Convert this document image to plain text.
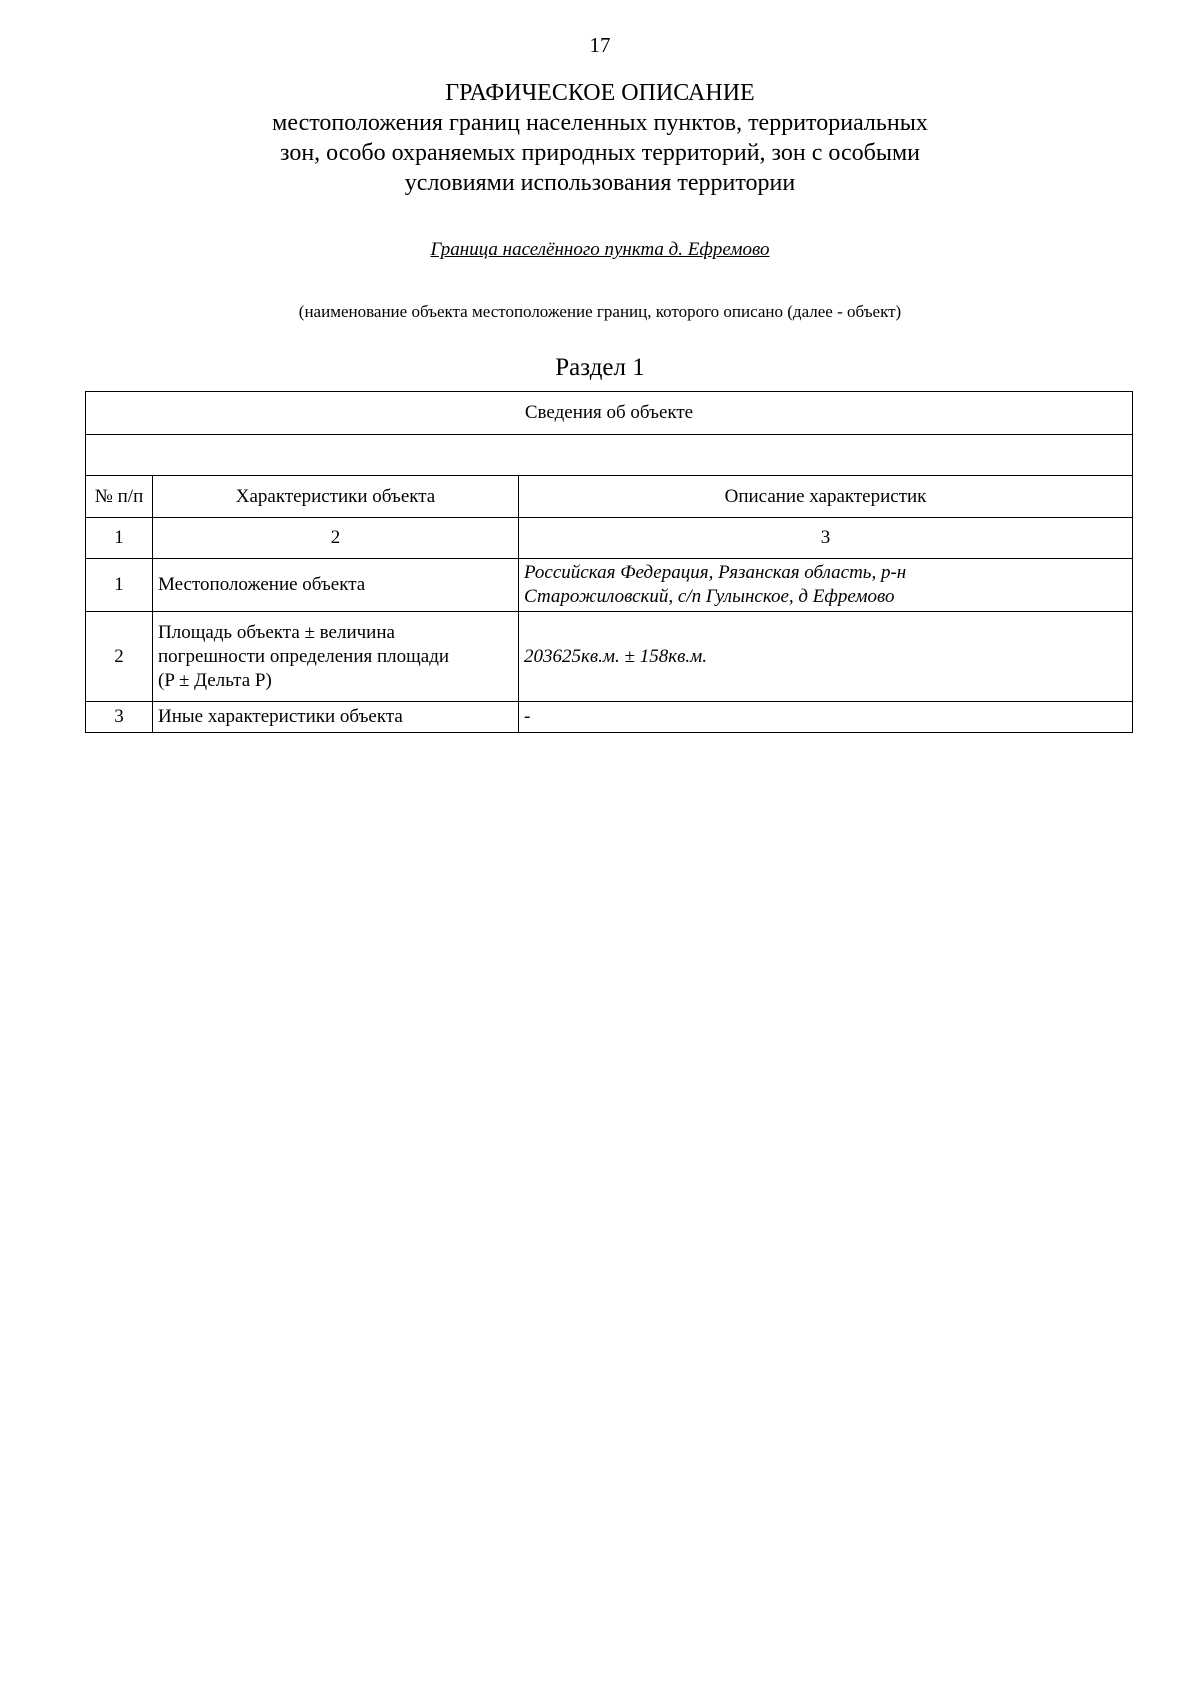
17
ГРАФИЧЕСКОЕ ОПИСАНИЕ
местоположения границ населенных пунктов, территориальных
зон, особо охраняемых природных территорий, зон с особыми
условиями использования территории
Граница населённого пункта д. Ефремово
(наименование объекта местоположение границ, которого описано (далее - объект)
Раздел 1
Сведения об объекте		

№ п/п	Характеристики объекта	Описание характеристик
1	2	3
1	Местоположение объекта	Российская Федерация, Рязанская область, р-н
Старожиловский, с/п Гулынское, д Ефремово

2	Площадь объекта ± величина
погрешности определения площади
(P ± Дельта P)	203625кв.м. ± 158кв.м.

3	Иные характеристики объекта	-
